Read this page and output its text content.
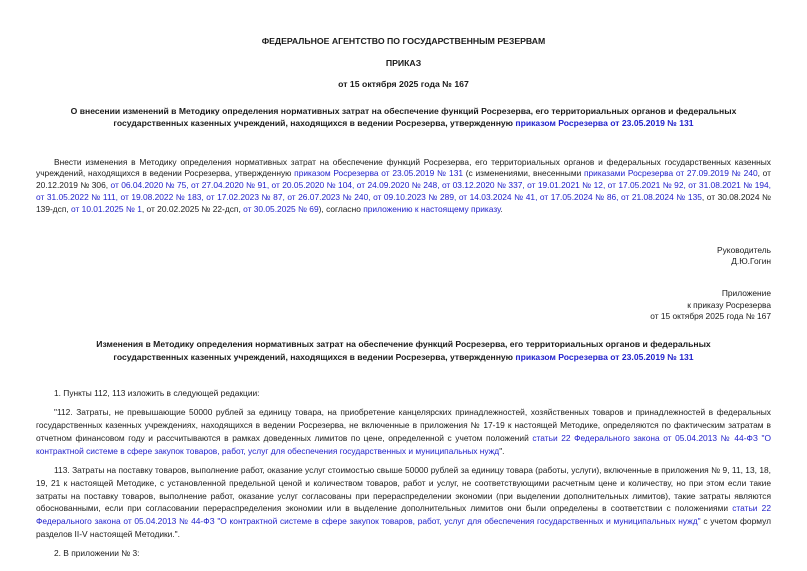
ФЕДЕРАЛЬНОЕ АГЕНТСТВО ПО ГОСУДАРСТВЕННЫМ РЕЗЕРВАМ
ПРИКАЗ
от 15 октября 2025 года № 167
О внесении изменений в Методику определения нормативных затрат на обеспечение функций Росрезерва, его территориальных органов и федеральных государственных казенных учреждений, находящихся в ведении Росрезерва, утвержденную приказом Росрезерва от 23.05.2019 № 131
Внести изменения в Методику определения нормативных затрат на обеспечение функций Росрезерва, его территориальных органов и федеральных государственных казенных учреждений, находящихся в ведении Росрезерва, утвержденную приказом Росрезерва от 23.05.2019 № 131 (с изменениями, внесенными приказами Росрезерва от 27.09.2019 № 240, от 20.12.2019 № 306, от 06.04.2020 № 75, от 27.04.2020 № 91, от 20.05.2020 № 104, от 24.09.2020 № 248, от 03.12.2020 № 337, от 19.01.2021 № 12, от 17.05.2021 № 92, от 31.08.2021 № 194, от 31.05.2022 № 111, от 19.08.2022 № 183, от 17.02.2023 № 87, от 26.07.2023 № 240, от 09.10.2023 № 289, от 14.03.2024 № 41, от 17.05.2024 № 86, от 21.08.2024 № 135, от 30.08.2024 № 139-дсп, от 10.01.2025 № 1, от 20.02.2025 № 22-дсп, от 30.05.2025 № 69), согласно приложению к настоящему приказу.
Руководитель
Д.Ю.Гогин
Приложение
к приказу Росрезерва
от 15 октября 2025 года № 167
Изменения в Методику определения нормативных затрат на обеспечение функций Росрезерва, его территориальных органов и федеральных государственных казенных учреждений, находящихся в ведении Росрезерва, утвержденную приказом Росрезерва от 23.05.2019 № 131
1. Пункты 112, 113 изложить в следующей редакции:
"112. Затраты, не превышающие 50000 рублей за единицу товара, на приобретение канцелярских принадлежностей, хозяйственных товаров и принадлежностей в федеральных государственных казенных учреждениях, находящихся в ведении Росрезерва, не включенные в приложения № 17-19 к настоящей Методике, определяются по фактическим затратам в отчетном финансовом году и рассчитываются в рамках доведенных лимитов по цене, определенной с учетом положений статьи 22 Федерального закона от 05.04.2013 № 44-ФЗ "О контрактной системе в сфере закупок товаров, работ, услуг для обеспечения государственных и муниципальных нужд".
113. Затраты на поставку товаров, выполнение работ, оказание услуг стоимостью свыше 50000 рублей за единицу товара (работы, услуги), включенные в приложения № 9, 11, 13, 18, 19, 21 к настоящей Методике, с установленной предельной ценой и количеством товаров, работ и услуг, не соответствующими расчетным цене и количеству, но при этом если такие затраты на поставку товаров, выполнение работ, оказание услуг согласованы при перераспределении экономии (при выделении дополнительных лимитов), такие затраты являются обоснованными, если при согласовании перераспределения экономии или в выделение дополнительных лимитов они были определены в соответствии с положениями статьи 22 Федерального закона от 05.04.2013 № 44-ФЗ "О контрактной системе в сфере закупок товаров, работ, услуг для обеспечения государственных и муниципальных нужд" с учетом формул разделов II-V настоящей Методики.".
2. В приложении № 3:
